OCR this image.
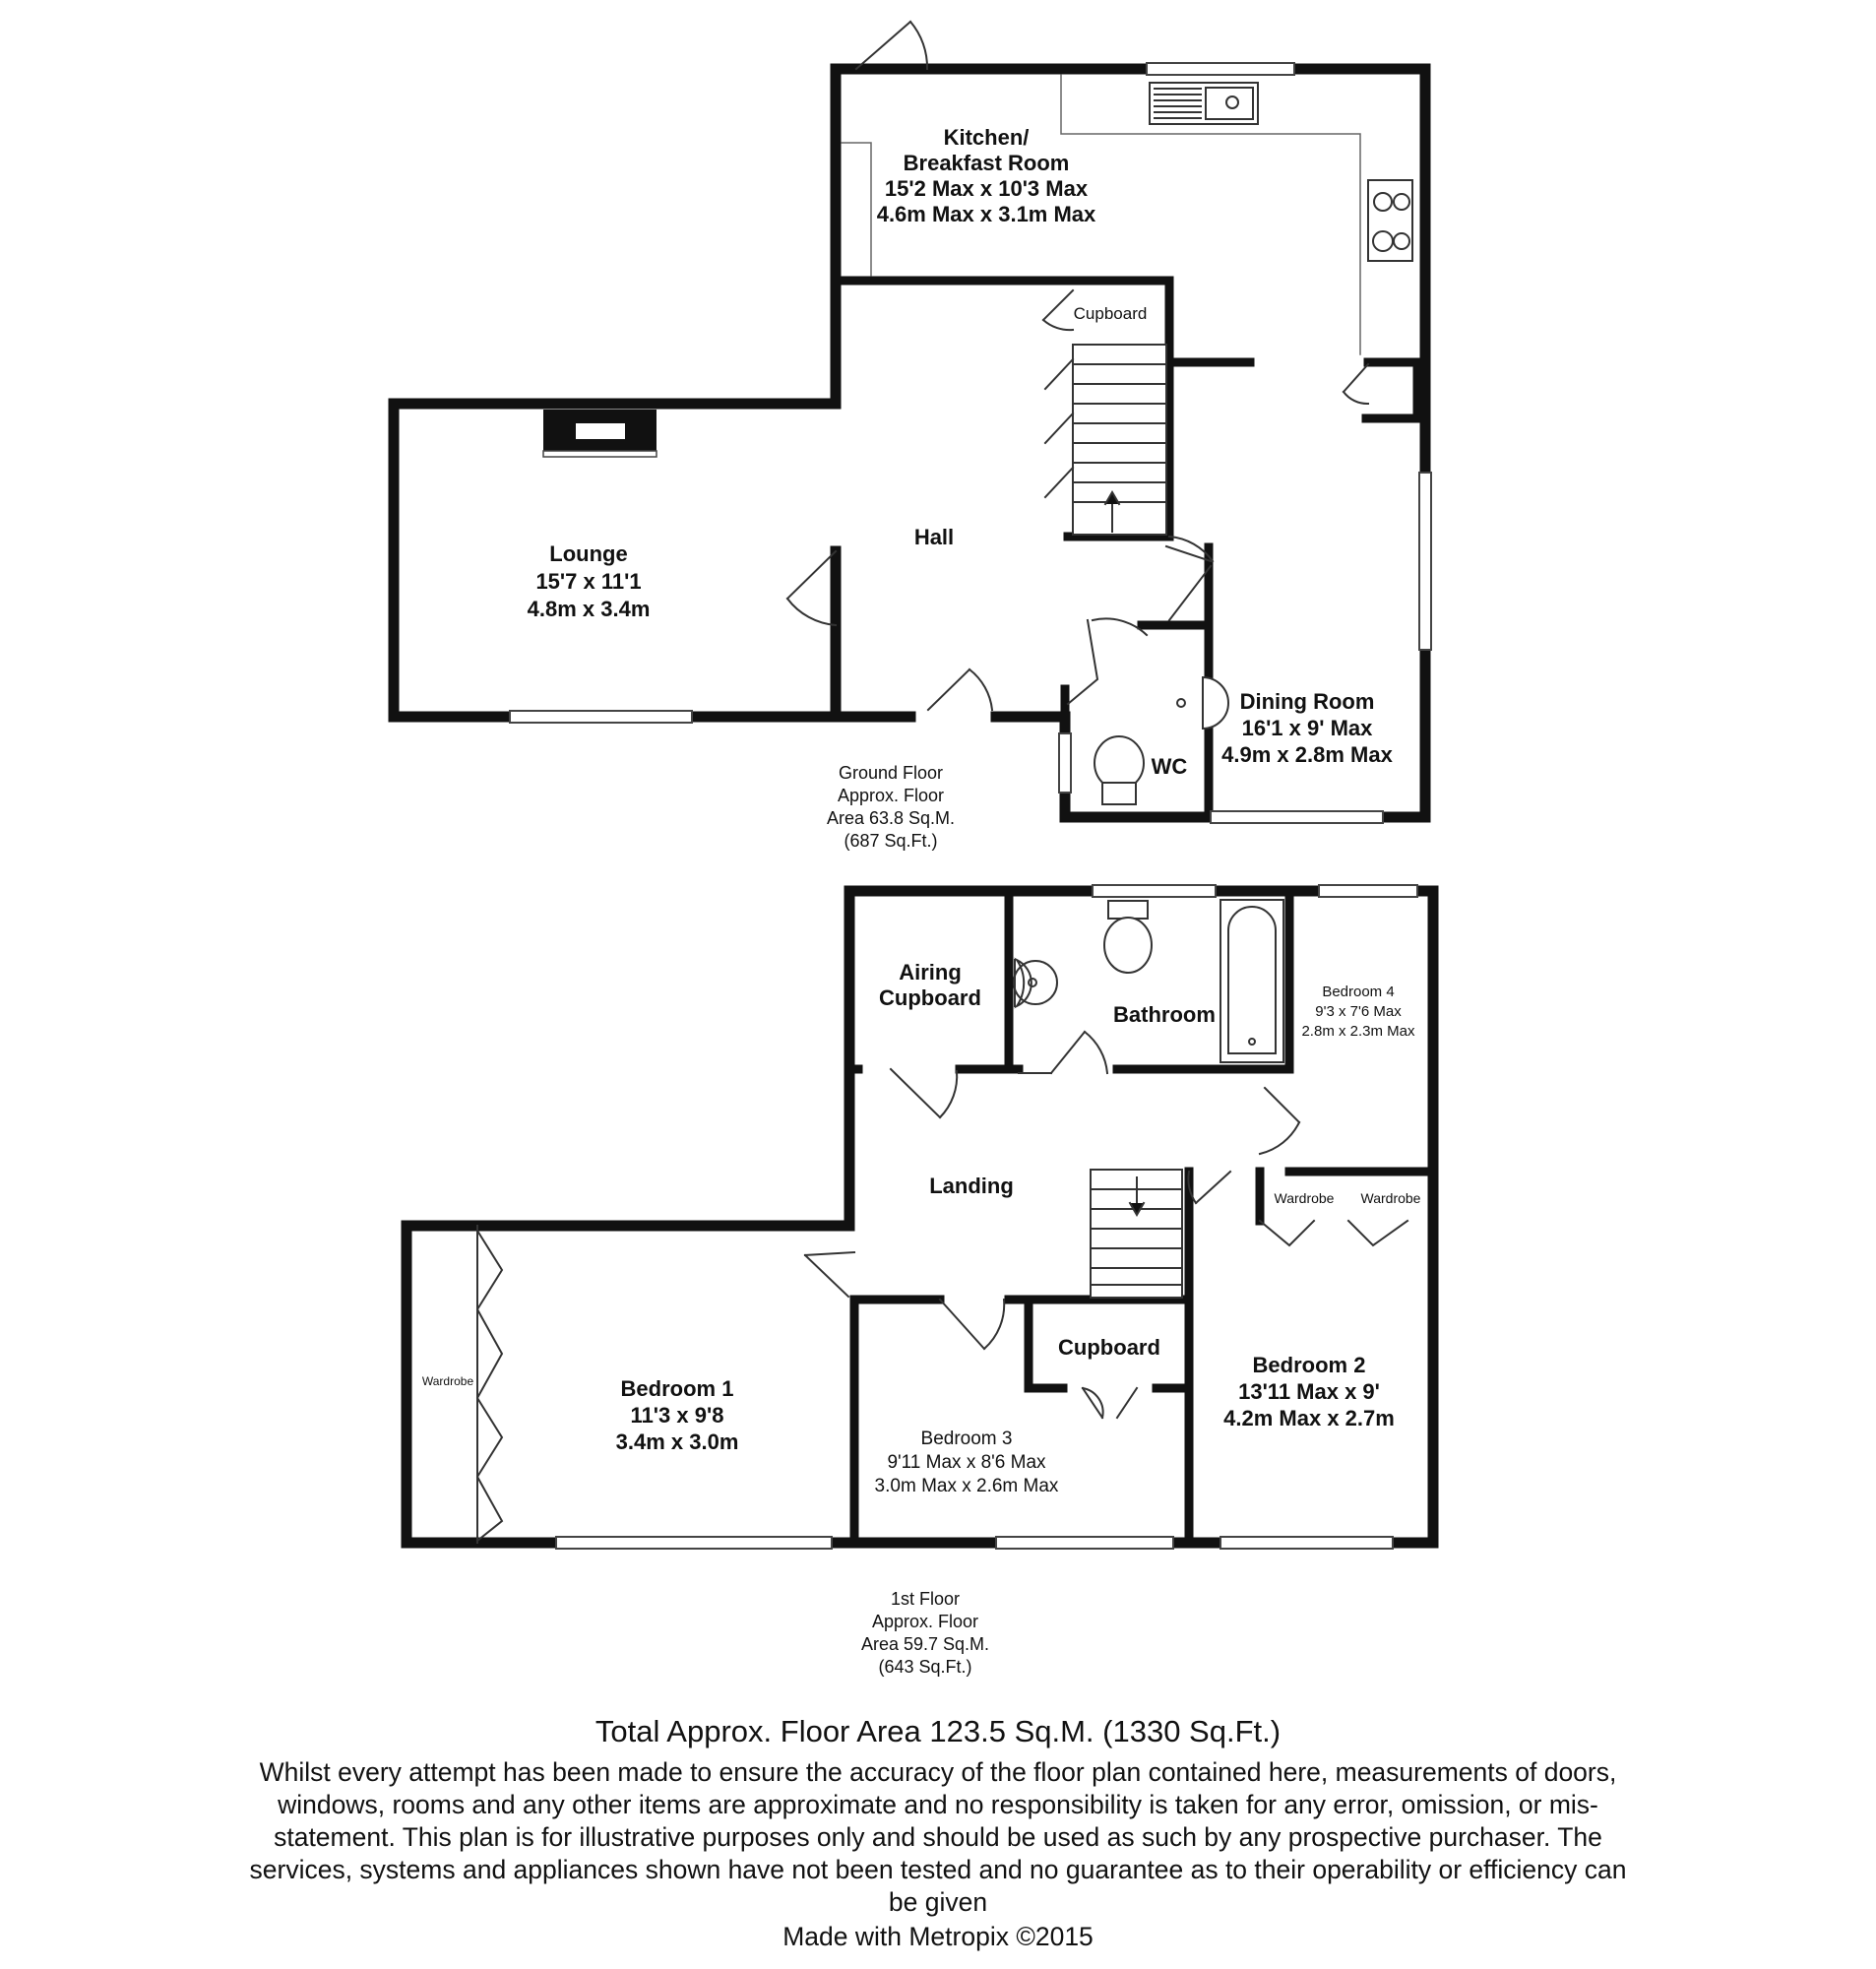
Kitchen/ Breakfast Room 15'2 Max x 10'3 Max 4.6m Max x 3.1m Max
Cupboard
Lounge 15'7 x 11'1 4.8m x 3.4m
Hall
Dining Room 16'1 x 9' Max 4.9m x 2.8m Max
WC
Ground Floor Approx. Floor Area 63.8 Sq.M. (687 Sq.Ft.)
Airing Cupboard
Bathroom
Bedroom 4 9'3 x 7'6 Max 2.8m x 2.3m Max
Landing	Wardrobe Wardrobe
Wardrobe	Bedroom 1 11'3 x 9'8 3.4m x 3.0m
Cupboard
Bedroom 2 13'11 Max x 9' 4.2m Max x 2.7m
Bedroom 3 9'11 Max x 8'6 Max 3.0m Max x 2.6m Max
1st Floor Approx. Floor Area 59.7 Sq.M. (643 Sq.Ft.)
Total Approx. Floor Area 123.5 Sq.M. (1330 Sq.Ft.)
Whilst every attempt has been made to ensure the accuracy of the floor plan contained here, measurements of doors, windows, rooms and any other items are approximate and no responsibility is taken for any error, omission, or mis-statement. This plan is for illustrative purposes only and should be used as such by any prospective purchaser. The services, systems and appliances shown have not been tested and no guarantee as to their operability or efficiency can be given
Made with Metropix ©2015
